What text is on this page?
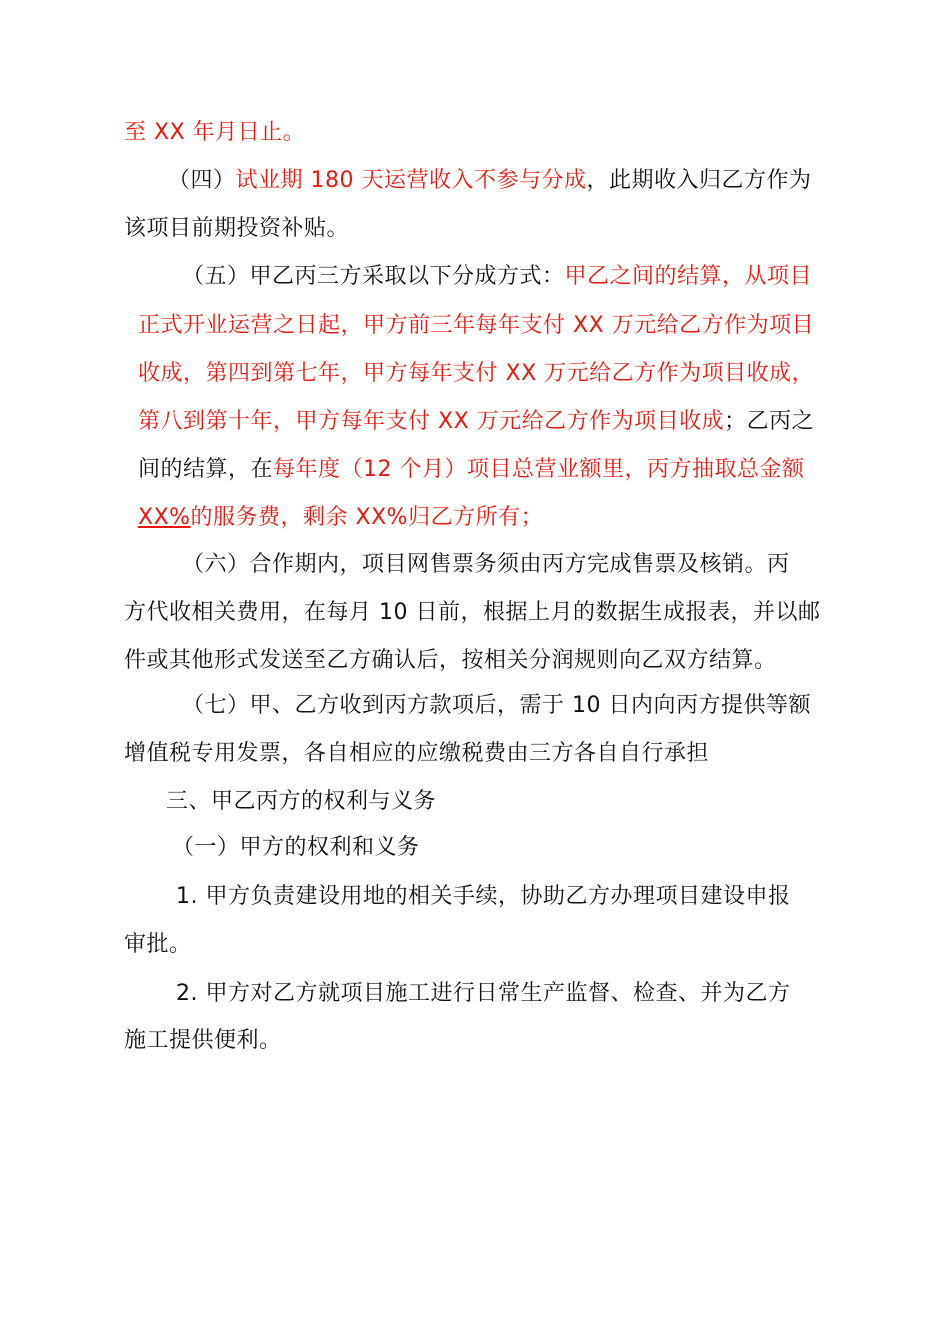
至 XX 年月日止。
（四）试业期 180 天运营收入不参与分成，此期收入归乙方作为
该项目前期投资补贴。
（五）甲乙丙三方采取以下分成方式：甲乙之间的结算，从项目
正式开业运营之日起，甲方前三年每年支付 XX 万元给乙方作为项目
收成，第四到第七年，甲方每年支付 XX 万元给乙方作为项目收成，
第八到第十年，甲方每年支付 XX 万元给乙方作为项目收成；乙丙之
间的结算，在每年度（12 个月）项目总营业额里，丙方抽取总金额
XX%的服务费，剩余 XX%归乙方所有；
（六）合作期内，项目网售票务须由丙方完成售票及核销。丙
方代收相关费用，在每月 10 日前，根据上月的数据生成报表，并以邮
件或其他形式发送至乙方确认后，按相关分润规则向乙双方结算。
（七）甲、乙方收到丙方款项后，需于 10 日内向丙方提供等额
增值税专用发票，各自相应的应缴税费由三方各自自行承担
三、甲乙丙方的权利与义务
（一）甲方的权利和义务
1. 甲方负责建设用地的相关手续，协助乙方办理项目建设申报
审批。
2. 甲方对乙方就项目施工进行日常生产监督、检查、并为乙方
施工提供便利。
